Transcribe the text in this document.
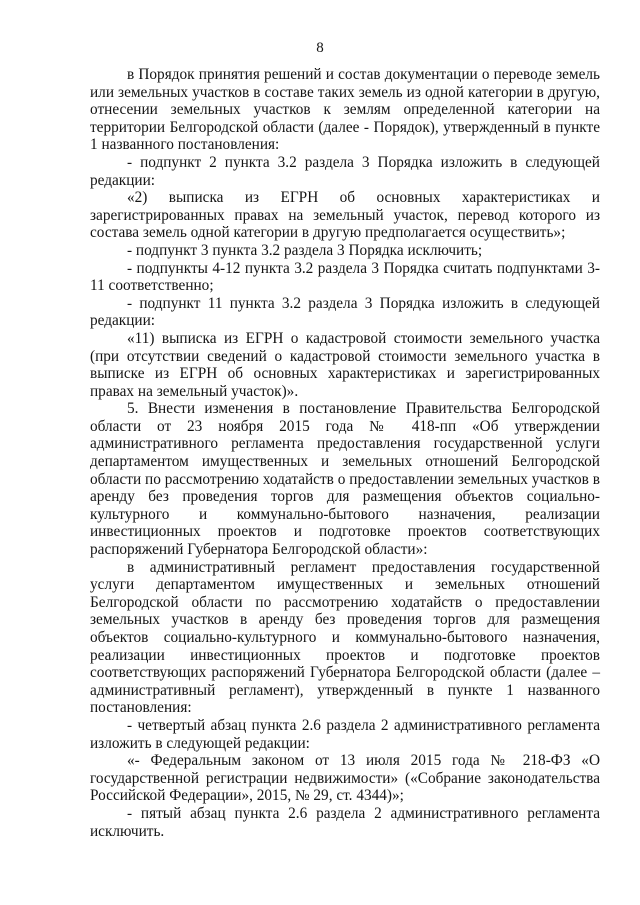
8

в Порядок принятия решений и состав документации о переводе земель или земельных участков в составе таких земель из одной категории в другую, отнесении земельных участков к землям определенной категории на территории Белгородской области (далее - Порядок), утвержденный в пункте 1 названного постановления:

- подпункт 2 пункта 3.2 раздела 3 Порядка изложить в следующей редакции:

«2) выписка из ЕГРН об основных характеристиках и зарегистрированных правах на земельный участок, перевод которого из состава земель одной категории в другую предполагается осуществить»;

- подпункт 3 пункта 3.2 раздела 3 Порядка исключить;

- подпункты 4-12 пункта 3.2 раздела 3 Порядка считать подпунктами 3-11 соответственно;

- подпункт 11 пункта 3.2 раздела 3 Порядка изложить в следующей редакции:

«11) выписка из ЕГРН о кадастровой стоимости земельного участка (при отсутствии сведений о кадастровой стоимости земельного участка в выписке из ЕГРН об основных характеристиках и зарегистрированных правах на земельный участок)».

5. Внести изменения в постановление Правительства Белгородской области от 23 ноября 2015 года № 418-пп «Об утверждении административного регламента предоставления государственной услуги департаментом имущественных и земельных отношений Белгородской области по рассмотрению ходатайств о предоставлении земельных участков в аренду без проведения торгов для размещения объектов социально-культурного и коммунально-бытового назначения, реализации инвестиционных проектов и подготовке проектов соответствующих распоряжений Губернатора Белгородской области»:

в административный регламент предоставления государственной услуги департаментом имущественных и земельных отношений Белгородской области по рассмотрению ходатайств о предоставлении земельных участков в аренду без проведения торгов для размещения объектов социально-культурного и коммунально-бытового назначения, реализации инвестиционных проектов и подготовке проектов соответствующих распоряжений Губернатора Белгородской области (далее – административный регламент), утвержденный в пункте 1 названного постановления:

- четвертый абзац пункта 2.6 раздела 2 административного регламента изложить в следующей редакции:

«- Федеральным законом от 13 июля 2015 года № 218-ФЗ «О государственной регистрации недвижимости» («Собрание законодательства Российской Федерации», 2015, № 29, ст. 4344)»;

- пятый абзац пункта 2.6 раздела 2 административного регламента исключить.
